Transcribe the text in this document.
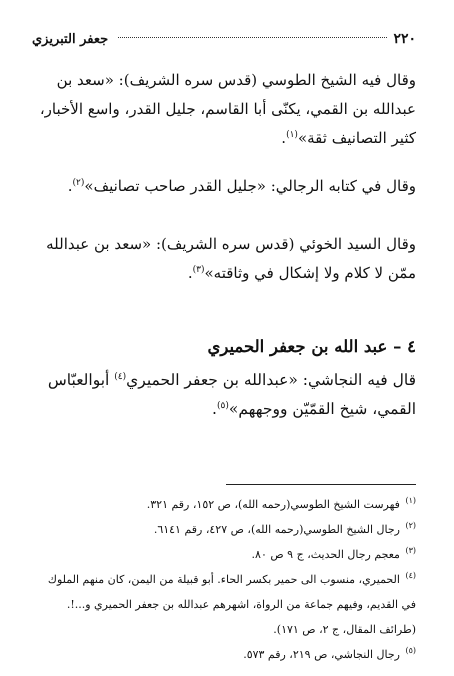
جعفر التبريزي	٢٢٠
وقال فيه الشيخ الطوسي (قدس سره الشريف): «سعد بن عبدالله بن القمي، يكنّى أبا القاسم، جليل القدر، واسع الأخبار، كثير التصانيف ثقة»$^{(١)}$.
وقال في كتابه الرجالي: «جليل القدر صاحب تصانيف»$^{(٢)}$.
وقال السيد الخوئي (قدس سره الشريف): «سعد بن عبدالله ممّن لا كلام ولا إشكال في وثاقته»$^{(٣)}$.
٤ – عبد الله بن جعفر الحميري
قال فيه النجاشي: «عبدالله بن جعفر الحميري$^{(٤)}$ أبوالعبّاس القمي، شيخ القمّيّن ووجههم»$^{(٥)}$.

$^{(١)}$ فهرست الشيخ الطوسي(رحمه الله)، ص ١٥٢، رقم ٣٢١.

$^{(٢)}$ رجال الشيخ الطوسي(رحمه الله)، ص ٤٢٧، رقم ٦١٤١.

$^{(٣)}$ معجم رجال الحديث، ج ٩ ص ٨٠.

$^{(٤)}$ الحميري، منسوب الى حمير بكسر الحاء. أبو قبيلة من اليمن، كان منهم الملوك في القديم، وفيهم جماعة من الرواة، اشهرهم عبدالله بن جعفر الحميري و...!. (طرائف المقال، ج ٢، ص ١٧١).

$^{(٥)}$ رجال النجاشي، ص ٢١٩، رقم ٥٧٣.
